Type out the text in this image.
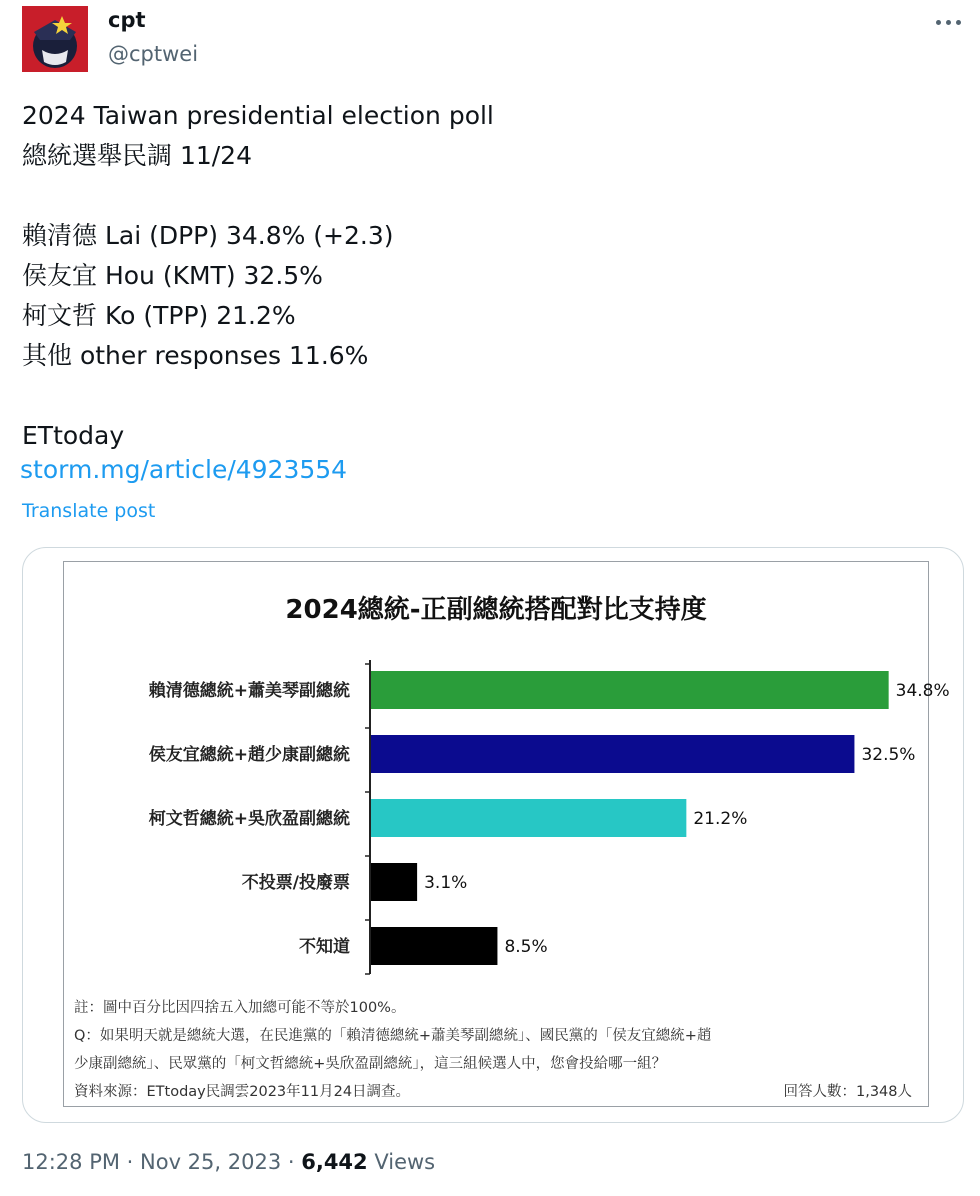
cpt
@cptwei
2024 Taiwan presidential election poll
總統選舉民調 11/24

賴清德 Lai (DPP) 34.8% (+2.3)
侯友宜 Hou (KMT) 32.5%
柯文哲 Ko (TPP) 21.2%
其他 other responses 11.6%

ETtoday
storm.mg/article/4923554
Translate post
2024總統-正副總統搭配對比支持度
賴清德總統+蕭美琴副總統	34.8%
侯友宜總統+趙少康副總統	32.5%
柯文哲總統+吳欣盈副總統	21.2%
不投票/投廢票	3.1%
不知道	8.5%
註：圖中百分比因四捨五入加總可能不等於100%。
Q：如果明天就是總統大選，在民進黨的「賴清德總統+蕭美琴副總統」、國民黨的「侯友宜總統+趙
少康副總統」、民眾黨的「柯文哲總統+吳欣盈副總統」，這三組候選人中，您會投給哪一組？
資料來源：ETtoday民調雲2023年11月24日調查。	回答人數：1,348人
12:28 PM · Nov 25, 2023 · 6,442 Views
